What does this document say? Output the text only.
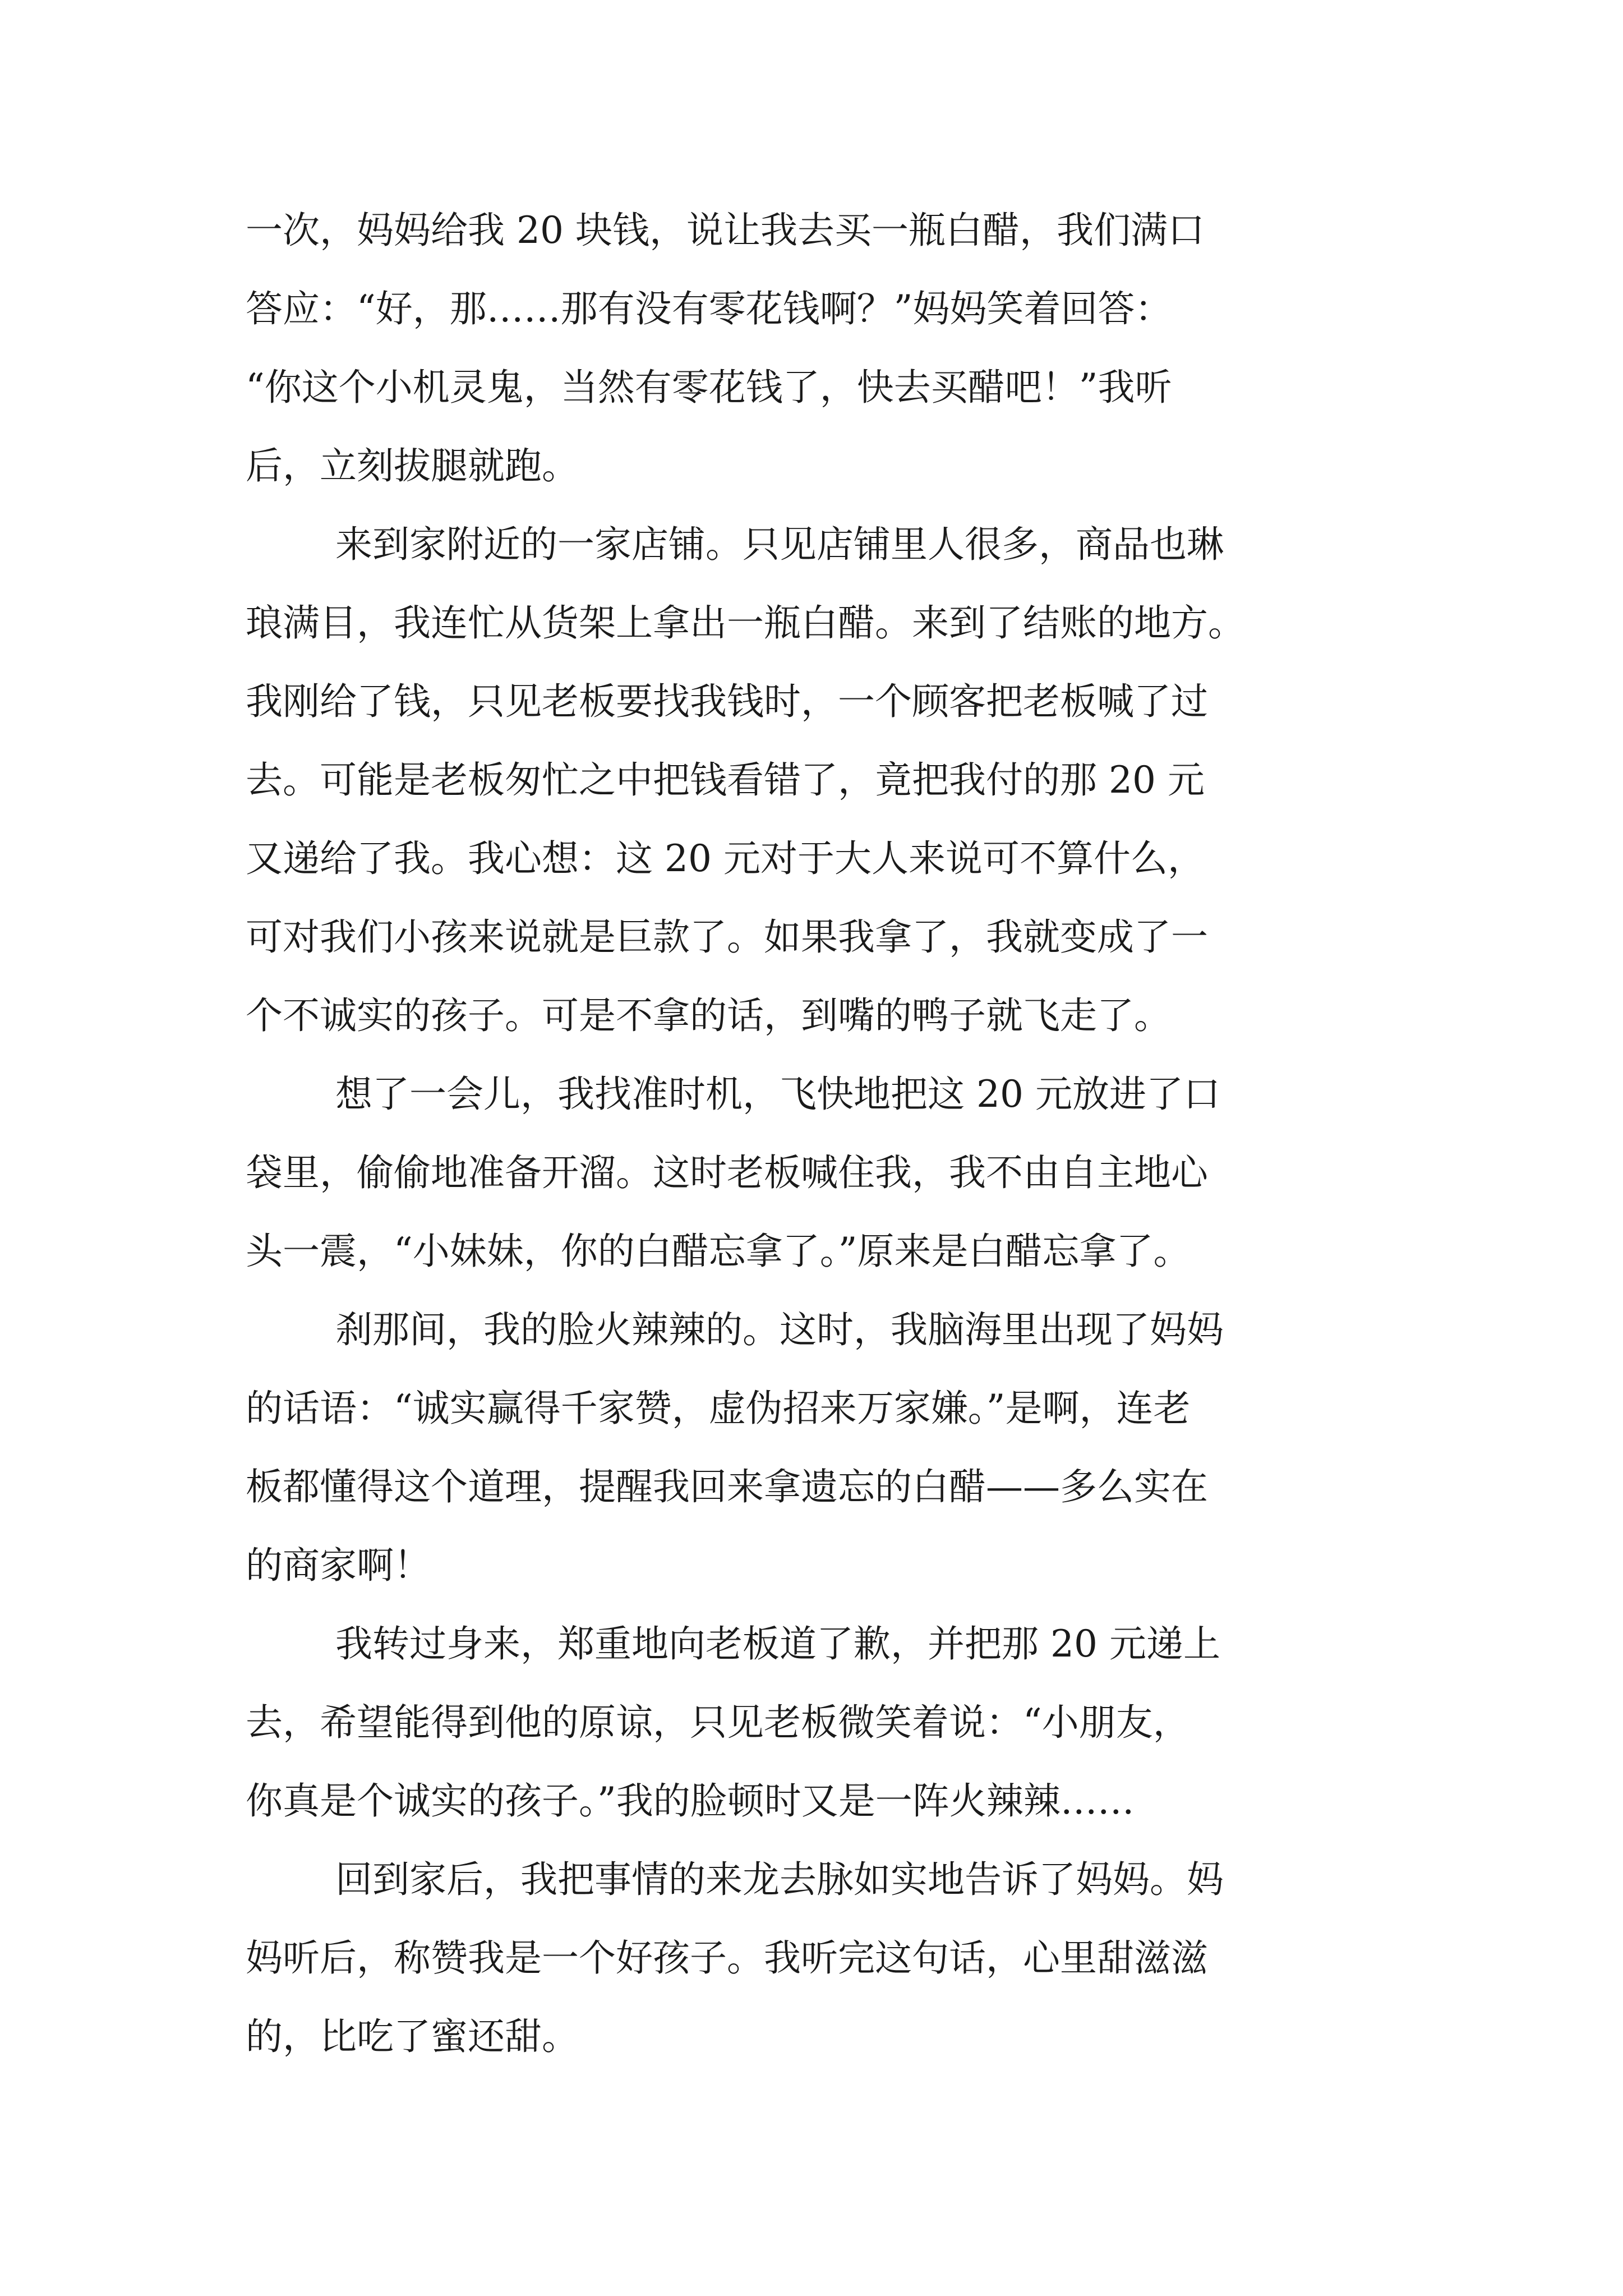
一次，妈妈给我 20 块钱，说让我去买一瓶白醋，我们满口

答应：“好，那……那有没有零花钱啊？”妈妈笑着回答：

“你这个小机灵鬼，当然有零花钱了，快去买醋吧！”我听

后，立刻拔腿就跑。

来到家附近的一家店铺。只见店铺里人很多，商品也琳

琅满目，我连忙从货架上拿出一瓶白醋。来到了结账的地方。

我刚给了钱，只见老板要找我钱时，一个顾客把老板喊了过

去。可能是老板匆忙之中把钱看错了，竟把我付的那 20 元

又递给了我。我心想：这 20 元对于大人来说可不算什么，

可对我们小孩来说就是巨款了。如果我拿了，我就变成了一

个不诚实的孩子。可是不拿的话，到嘴的鸭子就飞走了。

想了一会儿，我找准时机，飞快地把这 20 元放进了口

袋里，偷偷地准备开溜。这时老板喊住我，我不由自主地心

头一震，“小妹妹，你的白醋忘拿了。”原来是白醋忘拿了。

刹那间，我的脸火辣辣的。这时，我脑海里出现了妈妈

的话语：“诚实赢得千家赞，虚伪招来万家嫌。”是啊，连老

板都懂得这个道理，提醒我回来拿遗忘的白醋——多么实在

的商家啊！

我转过身来，郑重地向老板道了歉，并把那 20 元递上

去，希望能得到他的原谅，只见老板微笑着说：“小朋友，

你真是个诚实的孩子。”我的脸顿时又是一阵火辣辣……

回到家后，我把事情的来龙去脉如实地告诉了妈妈。妈

妈听后，称赞我是一个好孩子。我听完这句话，心里甜滋滋

的，比吃了蜜还甜。
